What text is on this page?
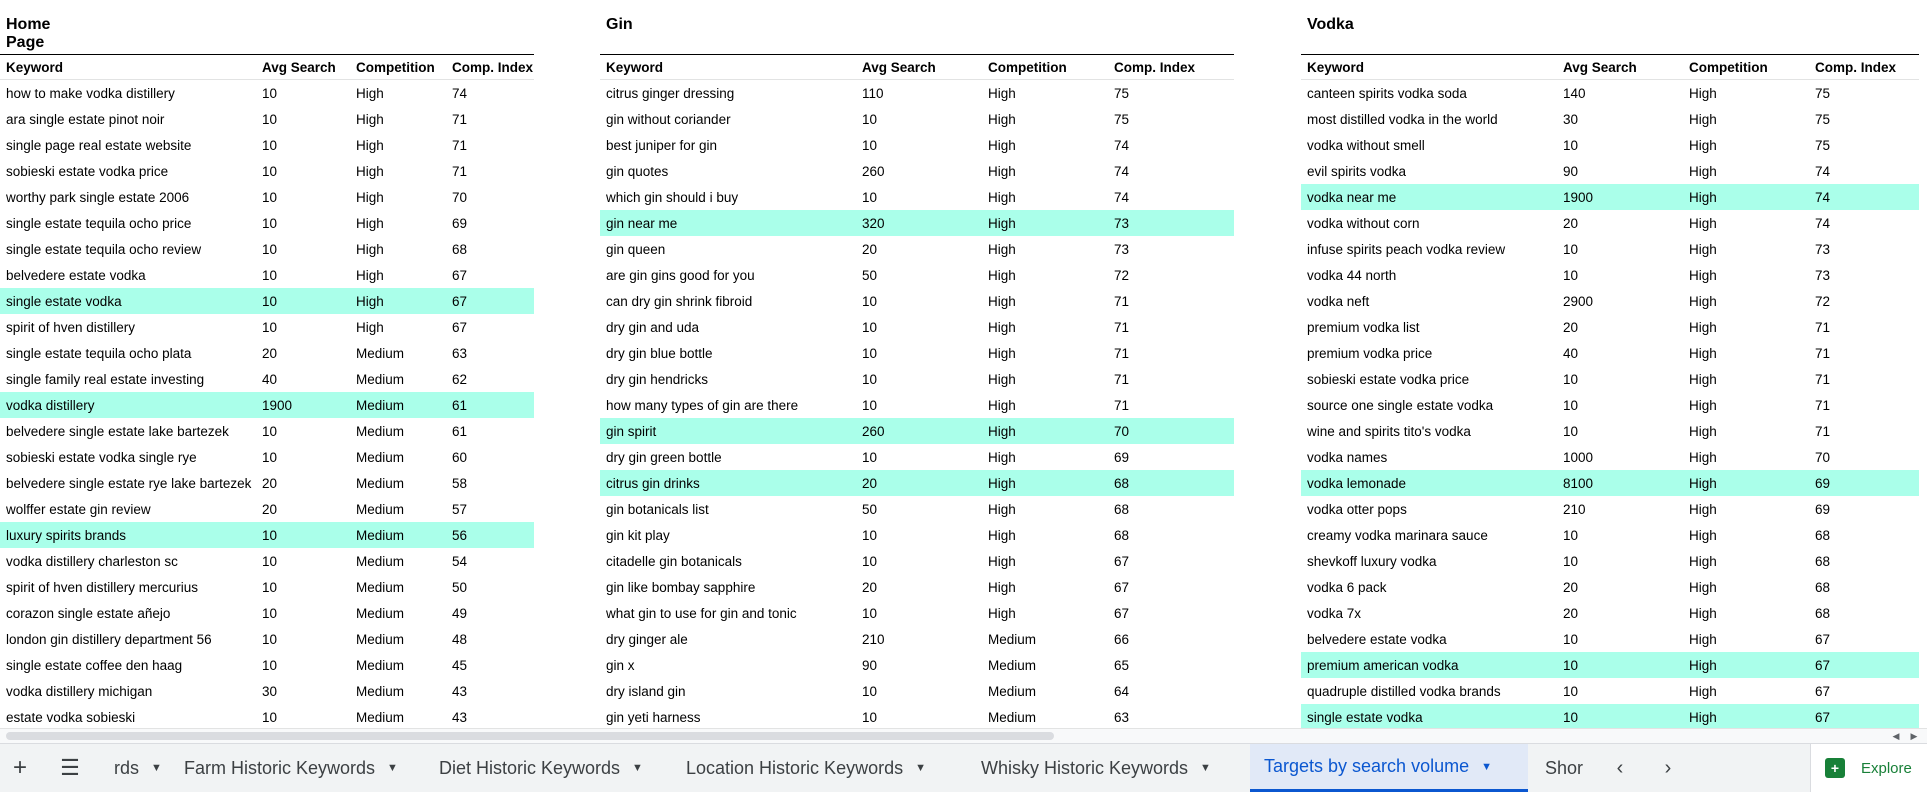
Home Page
Keyword	Avg Search	Competition	Comp. Index
how to make vodka distillery	10	High	74
ara single estate pinot noir	10	High	71
single page real estate website	10	High	71
sobieski estate vodka price	10	High	71
worthy park single estate 2006	10	High	70
single estate tequila ocho price	10	High	69
single estate tequila ocho review	10	High	68
belvedere estate vodka	10	High	67
single estate vodka	10	High	67
spirit of hven distillery	10	High	67
single estate tequila ocho plata	20	Medium	63
single family real estate investing	40	Medium	62
vodka distillery	1900	Medium	61
belvedere single estate lake bartezek	10	Medium	61
sobieski estate vodka single rye	10	Medium	60
belvedere single estate rye lake bartezek	20	Medium	58
wolffer estate gin review	20	Medium	57
luxury spirits brands	10	Medium	56
vodka distillery charleston sc	10	Medium	54
spirit of hven distillery mercurius	10	Medium	50
corazon single estate añejo	10	Medium	49
london gin distillery department 56	10	Medium	48
single estate coffee den haag	10	Medium	45
vodka distillery michigan	30	Medium	43
estate vodka sobieski	10	Medium	43
Gin
Keyword	Avg Search	Competition	Comp. Index
citrus ginger dressing	110	High	75
gin without coriander	10	High	75
best juniper for gin	10	High	74
gin quotes	260	High	74
which gin should i buy	10	High	74
gin near me	320	High	73
gin queen	20	High	73
are gin gins good for you	50	High	72
can dry gin shrink fibroid	10	High	71
dry gin and uda	10	High	71
dry gin blue bottle	10	High	71
dry gin hendricks	10	High	71
how many types of gin are there	10	High	71
gin spirit	260	High	70
dry gin green bottle	10	High	69
citrus gin drinks	20	High	68
gin botanicals list	50	High	68
gin kit play	10	High	68
citadelle gin botanicals	10	High	67
gin like bombay sapphire	20	High	67
what gin to use for gin and tonic	10	High	67
dry ginger ale	210	Medium	66
gin x	90	Medium	65
dry island gin	10	Medium	64
gin yeti harness	10	Medium	63
Vodka
Keyword	Avg Search	Competition	Comp. Index
canteen spirits vodka soda	140	High	75
most distilled vodka in the world	30	High	75
vodka without smell	10	High	75
evil spirits vodka	90	High	74
vodka near me	1900	High	74
vodka without corn	20	High	74
infuse spirits peach vodka review	10	High	73
vodka 44 north	10	High	73
vodka neft	2900	High	72
premium vodka list	20	High	71
premium vodka price	40	High	71
sobieski estate vodka price	10	High	71
source one single estate vodka	10	High	71
wine and spirits tito's vodka	10	High	71
vodka names	1000	High	70
vodka lemonade	8100	High	69
vodka otter pops	210	High	69
creamy vodka marinara sauce	10	High	68
shevkoff luxury vodka	10	High	68
vodka 6 pack	20	High	68
vodka 7x	20	High	68
belvedere estate vodka	10	High	67
premium american vodka	10	High	67
quadruple distilled vodka brands	10	High	67
single estate vodka	10	High	67
◀	▶
+ ☰ rds ▼ Farm Historic Keywords ▼ Diet Historic Keywords ▼ Location Historic Keywords ▼	Whisky Historic Keywords ▼	Targets by search volume ▼	Shor ‹ ›	+	Explore
